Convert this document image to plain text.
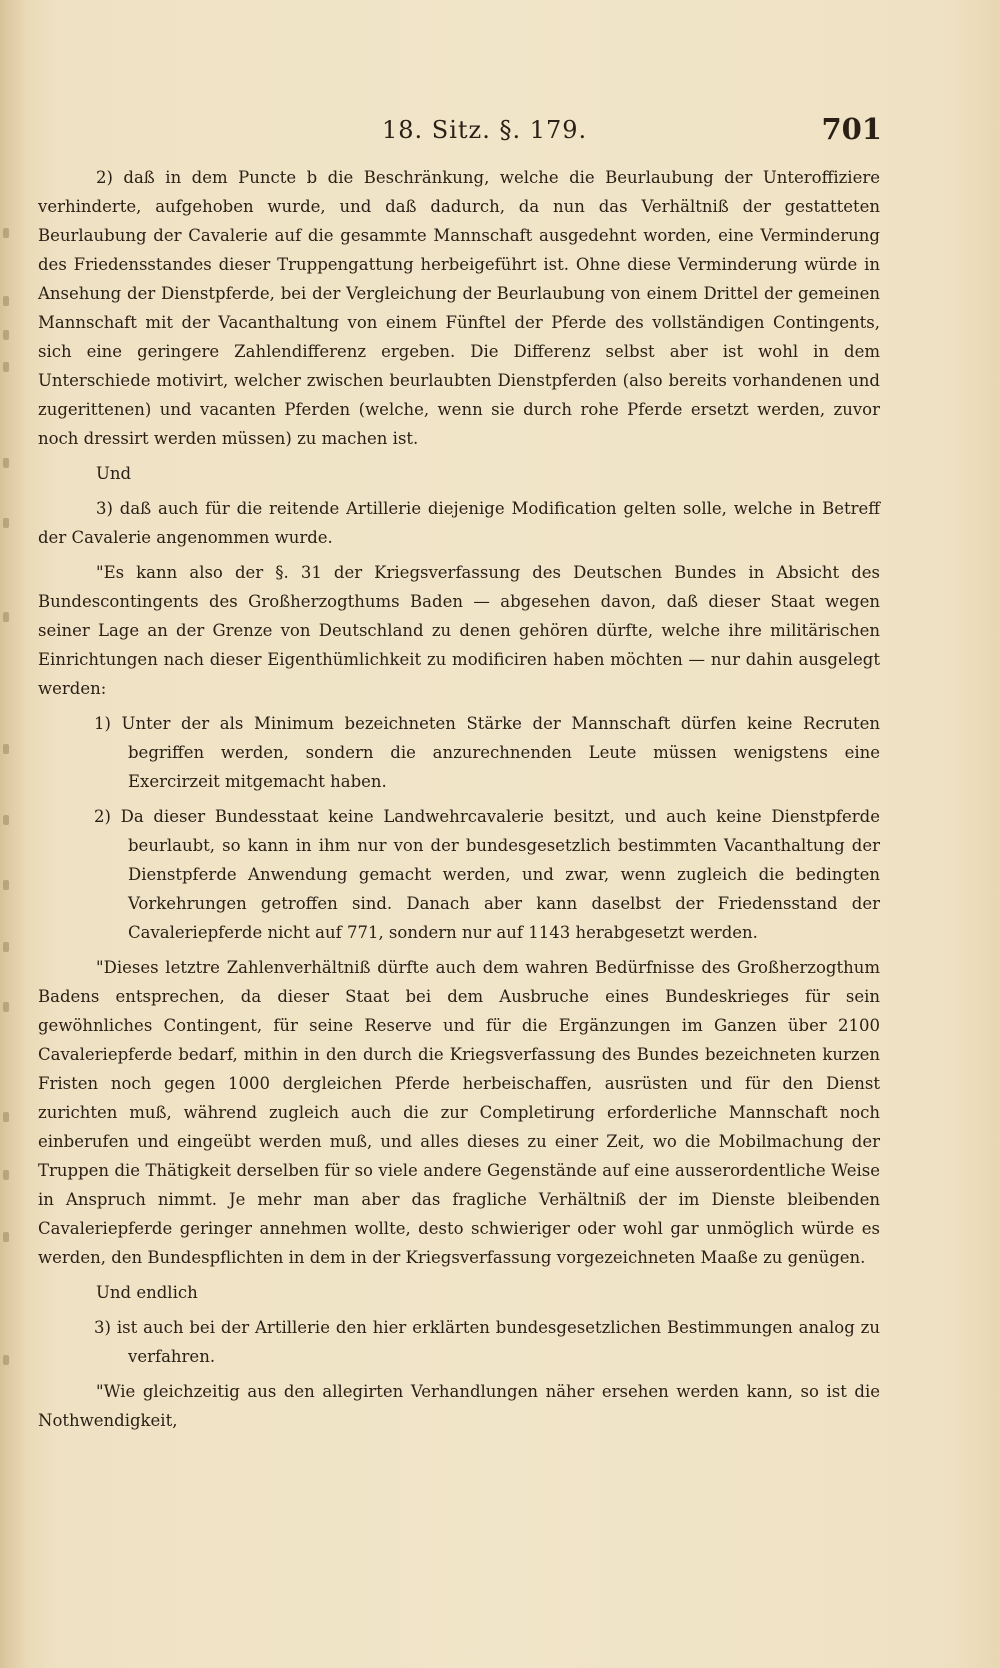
18. Sitz. §. 179.	701

2) daß in dem Puncte b die Beschränkung, welche die Beurlaubung der Unteroffiziere verhinderte, aufgehoben wurde, und daß dadurch, da nun das Verhältniß der gestatteten Beurlaubung der Cavalerie auf die gesammte Mannschaft ausgedehnt worden, eine Verminderung des Friedensstandes dieser Truppengattung herbeigeführt ist. Ohne diese Verminderung würde in Ansehung der Dienstpferde, bei der Vergleichung der Beurlaubung von einem Drittel der gemeinen Mannschaft mit der Vacanthaltung von einem Fünftel der Pferde des vollständigen Contingents, sich eine geringere Zahlendifferenz ergeben. Die Differenz selbst aber ist wohl in dem Unterschiede motivirt, welcher zwischen beurlaubten Dienstpferden (also bereits vorhandenen und zugerittenen) und vacanten Pferden (welche, wenn sie durch rohe Pferde ersetzt werden, zuvor noch dressirt werden müssen) zu machen ist.

Und

3) daß auch für die reitende Artillerie diejenige Modification gelten solle, welche in Betreff der Cavalerie angenommen wurde.

"Es kann also der §. 31 der Kriegsverfassung des Deutschen Bundes in Absicht des Bundescontingents des Großherzogthums Baden — abgesehen davon, daß dieser Staat wegen seiner Lage an der Grenze von Deutschland zu denen gehören dürfte, welche ihre militärischen Einrichtungen nach dieser Eigenthümlichkeit zu modificiren haben möchten — nur dahin ausgelegt werden:

1) Unter der als Minimum bezeichneten Stärke der Mannschaft dürfen keine Recruten begriffen werden, sondern die anzurechnenden Leute müssen wenigstens eine Exercirzeit mitgemacht haben.

2) Da dieser Bundesstaat keine Landwehrcavalerie besitzt, und auch keine Dienstpferde beurlaubt, so kann in ihm nur von der bundesgesetzlich bestimmten Vacanthaltung der Dienstpferde Anwendung gemacht werden, und zwar, wenn zugleich die bedingten Vorkehrungen getroffen sind. Danach aber kann daselbst der Friedensstand der Cavaleriepferde nicht auf 771, sondern nur auf 1143 herabgesetzt werden.

"Dieses letztre Zahlenverhältniß dürfte auch dem wahren Bedürfnisse des Großherzogthum Badens entsprechen, da dieser Staat bei dem Ausbruche eines Bundeskrieges für sein gewöhnliches Contingent, für seine Reserve und für die Ergänzungen im Ganzen über 2100 Cavaleriepferde bedarf, mithin in den durch die Kriegsverfassung des Bundes bezeichneten kurzen Fristen noch gegen 1000 dergleichen Pferde herbeischaffen, ausrüsten und für den Dienst zurichten muß, während zugleich auch die zur Completirung erforderliche Mannschaft noch einberufen und eingeübt werden muß, und alles dieses zu einer Zeit, wo die Mobilmachung der Truppen die Thätigkeit derselben für so viele andere Gegenstände auf eine ausserordentliche Weise in Anspruch nimmt. Je mehr man aber das fragliche Verhältniß der im Dienste bleibenden Cavaleriepferde geringer annehmen wollte, desto schwieriger oder wohl gar unmöglich würde es werden, den Bundespflichten in dem in der Kriegsverfassung vorgezeichneten Maaße zu genügen.

Und endlich

3) ist auch bei der Artillerie den hier erklärten bundesgesetzlichen Bestimmungen analog zu verfahren.

"Wie gleichzeitig aus den allegirten Verhandlungen näher ersehen werden kann, so ist die Nothwendigkeit,
